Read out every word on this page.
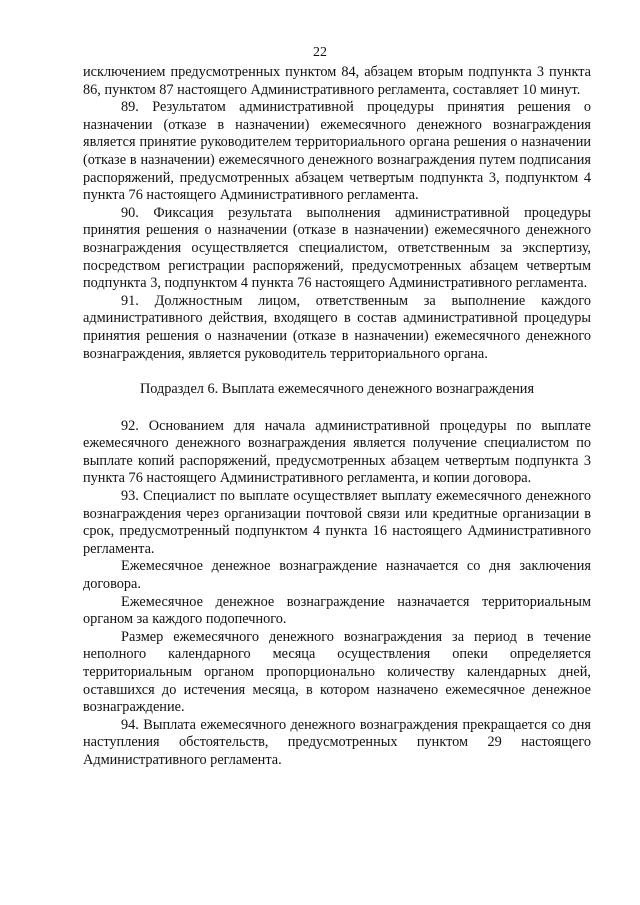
22

исключением предусмотренных пунктом 84, абзацем вторым подпункта 3 пункта 86, пунктом 87 настоящего Административного регламента, составляет 10 минут.

89. Результатом административной процедуры принятия решения о назначении (отказе в назначении) ежемесячного денежного вознаграждения является принятие руководителем территориального органа решения о назначении (отказе в назначении) ежемесячного денежного вознаграждения путем подписания распоряжений, предусмотренных абзацем четвертым подпункта 3, подпунктом 4 пункта 76 настоящего Административного регламента.

90. Фиксация результата выполнения административной процедуры принятия решения о назначении (отказе в назначении) ежемесячного денежного вознаграждения осуществляется специалистом, ответственным за экспертизу, посредством регистрации распоряжений, предусмотренных абзацем четвертым подпункта 3, подпунктом 4 пункта 76 настоящего Административного регламента.

91. Должностным лицом, ответственным за выполнение каждого административного действия, входящего в состав административной процедуры принятия решения о назначении (отказе в назначении) ежемесячного денежного вознаграждения, является руководитель территориального органа.

Подраздел 6. Выплата ежемесячного денежного вознаграждения

92. Основанием для начала административной процедуры по выплате ежемесячного денежного вознаграждения является получение специалистом по выплате копий распоряжений, предусмотренных абзацем четвертым подпункта 3 пункта 76 настоящего Административного регламента, и копии договора.

93. Специалист по выплате осуществляет выплату ежемесячного денежного вознаграждения через организации почтовой связи или кредитные организации в срок, предусмотренный подпунктом 4 пункта 16 настоящего Административного регламента.

Ежемесячное денежное вознаграждение назначается со дня заключения договора.

Ежемесячное денежное вознаграждение назначается территориальным органом за каждого подопечного.

Размер ежемесячного денежного вознаграждения за период в течение неполного календарного месяца осуществления опеки определяется территориальным органом пропорционально количеству календарных дней, оставшихся до истечения месяца, в котором назначено ежемесячное денежное вознаграждение.

94. Выплата ежемесячного денежного вознаграждения прекращается со дня наступления обстоятельств, предусмотренных пунктом 29 настоящего Административного регламента.
